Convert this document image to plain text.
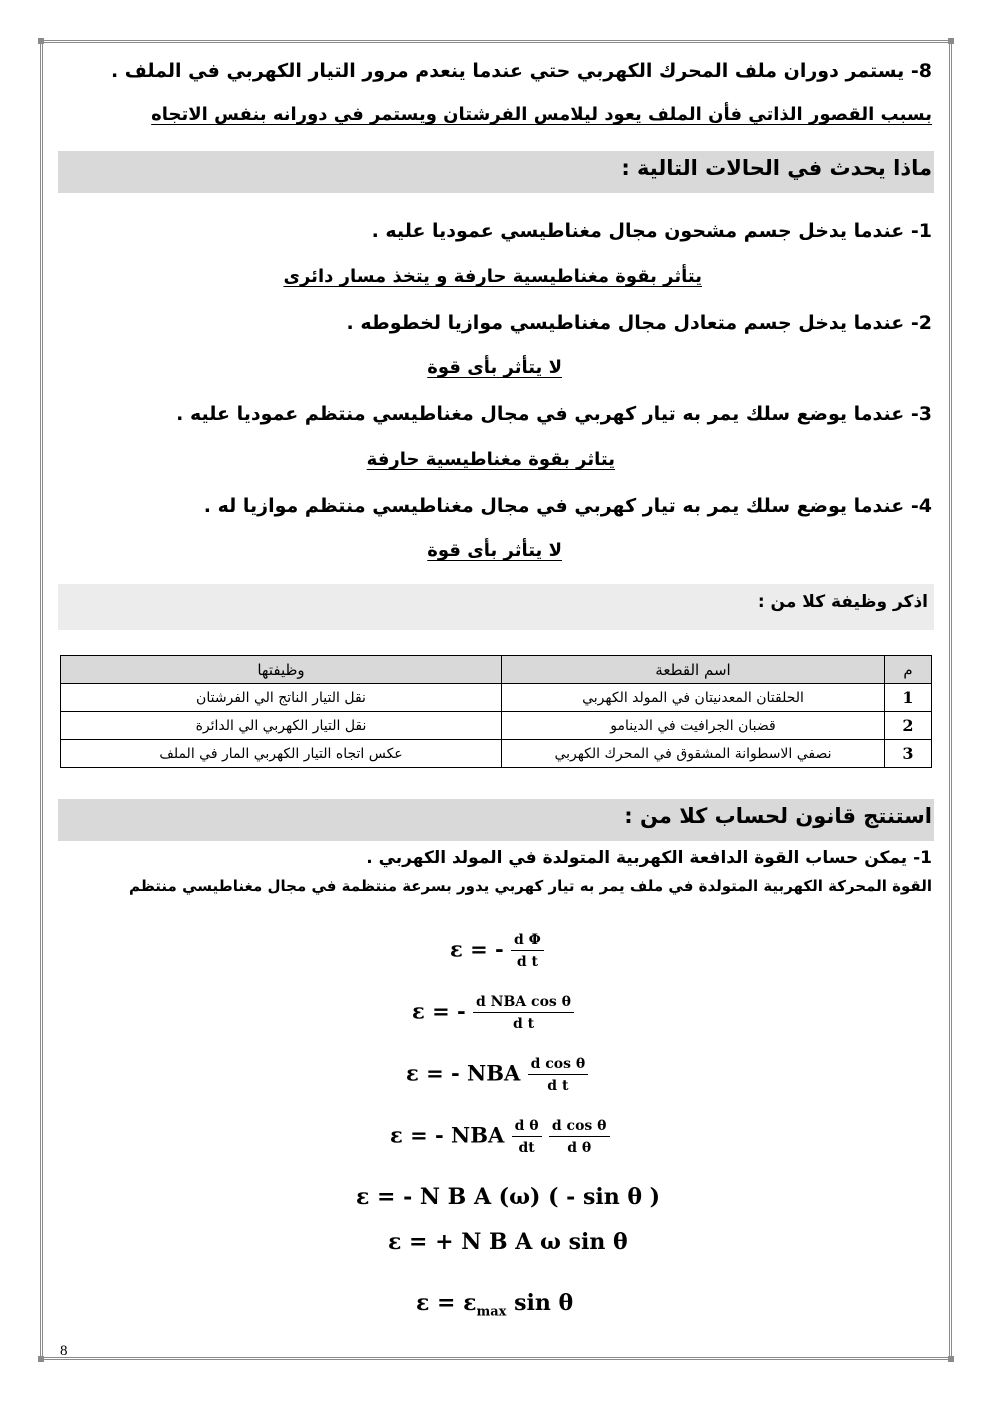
8- يستمر دوران ملف المحرك الكهربي حتي عندما ينعدم مرور التيار الكهربي في الملف .
بسبب القصور الذاتي فأن الملف يعود ليلامس الفرشتان ويستمر في دورانه بنفس الاتجاه
ماذا يحدث في الحالات التالية :
1- عندما يدخل جسم مشحون مجال مغناطيسي عموديا عليه .
يتأثر بقوة مغناطيسية حارفة و يتخذ مسار دائرى
2- عندما يدخل جسم متعادل مجال مغناطيسي موازيا لخطوطه .
لا يتأثر بأى قوة
3- عندما يوضع سلك يمر به تيار كهربي في مجال مغناطيسي منتظم عموديا عليه .
يتاثر بقوة مغناطيسية حارفة
4- عندما يوضع سلك يمر به تيار كهربي في مجال مغناطيسي منتظم موازيا له .
لا يتأثر بأى قوة
اذكر وظيفة كلا من :
م	اسم القطعة	وظيفتها
1	الحلقتان المعدنيتان في المولد الكهربي	نقل التيار الناتج الي الفرشتان
2	قضبان الجرافيت في الدينامو	نقل التيار الكهربي الي الدائرة
3	نصفي الاسطوانة المشقوق في المحرك الكهربي	عكس اتجاه التيار الكهربي المار في الملف
استنتج قانون لحساب كلا من :
1- يمكن حساب القوة الدافعة الكهربية المتولدة في المولد الكهربي .
القوة المحركة الكهربية المتولدة في ملف يمر به تيار كهربي يدور بسرعة منتظمة في مجال مغناطيسي منتظم
ε = - $\frac{\text{d Φ}}{\text{d t}}$
ε = - $\frac{\text{d NBA cos θ}}{\text{d t}}$
ε = - NBA $\frac{\text{d cos θ}}{\text{d t}}$
ε = - NBA $\frac{\text{d θ}}{dt}$
$\frac{\text{d cos θ}}{\text{d θ}}$
ε = - N B A (ω) ( - sin θ )
ε = + N B A ω sin θ
$\varepsilon = \varepsilon_{max}$ sin θ
8
